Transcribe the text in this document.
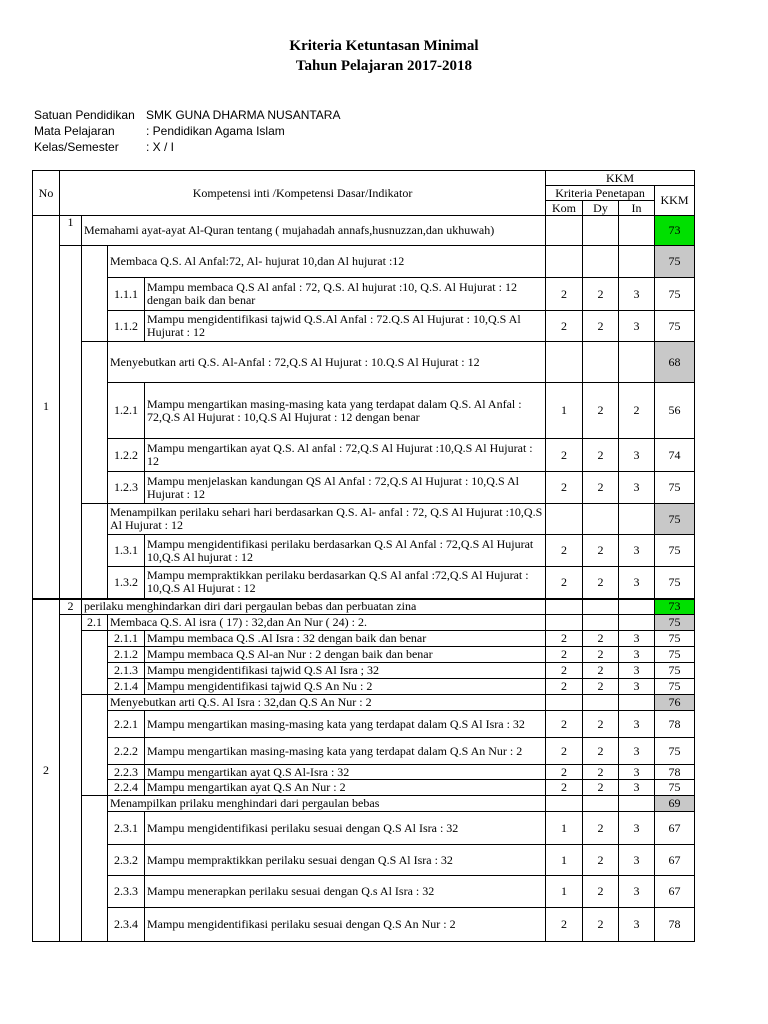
Kriteria Ketuntasan Minimal
Tahun Pelajaran 2017-2018
Satuan Pendidikan SMK GUNA DHARMA NUSANTARA
Mata Pelajaran	: Pendidikan Agama Islam
Kelas/Semester	: X / I
No	Kompetensi inti /Kompetensi Dasar/Indikator				KKM			
					Kriteria Penetapan			KKM
					Kom	Dy	In	
1	1	Memahami ayat-ayat Al-Quran tentang ( mujahadah annafs,husnuzzan,dan ukhuwah)						73
			Membaca Q.S. Al Anfal:72, Al- hujurat 10,dan Al hujurat :12					75
			1.1.1	Mampu membaca Q.S Al anfal : 72, Q.S. Al hujurat :10, Q.S. Al Hujurat : 12 dengan baik dan benar	2	2	3	75
			1.1.2	Mampu mengidentifikasi tajwid Q.S.Al Anfal : 72.Q.S Al Hujurat : 10,Q.S Al Hujurat : 12	2	2	3	75
			Menyebutkan arti Q.S. Al-Anfal : 72,Q.S Al Hujurat : 10.Q.S Al Hujurat : 12					68
			1.2.1	Mampu mengartikan masing-masing kata yang terdapat dalam Q.S. Al Anfal : 72,Q.S Al Hujurat : 10,Q.S Al Hujurat : 12 dengan benar	1	2	2	56
			1.2.2	Mampu mengartikan ayat Q.S. Al anfal : 72,Q.S Al Hujurat :10,Q.S Al Hujurat : 12	2	2	3	74
			1.2.3	Mampu menjelaskan kandungan QS Al Anfal : 72,Q.S Al Hujurat : 10,Q.S Al Hujurat : 12	2	2	3	75
			Menampilkan perilaku sehari hari berdasarkan Q.S. Al- anfal : 72, Q.S Al Hujurat :10,Q.S Al Hujurat : 12					75
			1.3.1	Mampu mengidentifikasi perilaku berdasarkan Q.S Al Anfal : 72,Q.S Al Hujurat 10,Q.S Al hujurat : 12	2	2	3	75
			1.3.2	Mampu mempraktikkan perilaku berdasarkan Q.S Al anfal :72,Q.S Al Hujurat : 10,Q.S Al Hujurat : 12	2	2	3	75
2	2	perilaku menghindarkan diri dari pergaulan bebas dan perbuatan zina						73
		2.1	Membaca Q.S. Al isra ( 17) : 32,dan An Nur ( 24) : 2.					75
			2.1.1	Mampu membaca Q.S .Al Isra : 32 dengan baik dan benar	2	2	3	75
			2.1.2	Mampu membaca Q.S Al-an Nur : 2 dengan baik dan benar	2	2	3	75
			2.1.3	Mampu mengidentifikasi tajwid Q.S Al Isra ; 32	2	2	3	75
			2.1.4	Mampu mengidentifikasi tajwid Q.S An Nu : 2	2	2	3	75
			Menyebutkan arti Q.S. Al Isra : 32,dan Q.S An Nur : 2					76
			2.2.1	Mampu mengartikan masing-masing kata yang terdapat dalam Q.S Al Isra : 32	2	2	3	78
			2.2.2	Mampu mengartikan masing-masing kata yang terdapat dalam Q.S An Nur : 2	2	2	3	75
			2.2.3	Mampu mengartikan ayat Q.S Al-Isra : 32	2	2	3	78
			2.2.4	Mampu mengartikan ayat Q.S An Nur : 2	2	2	3	75
			Menampilkan prilaku menghindari dari pergaulan bebas					69
			2.3.1	Mampu mengidentifikasi perilaku sesuai dengan Q.S Al Isra : 32	1	2	3	67
			2.3.2	Mampu mempraktikkan perilaku sesuai dengan Q.S Al Isra : 32	1	2	3	67
			2.3.3	Mampu menerapkan perilaku sesuai dengan Q.s Al Isra : 32	1	2	3	67
			2.3.4	Mampu mengidentifikasi perilaku sesuai dengan Q.S An Nur : 2	2	2	3	78
